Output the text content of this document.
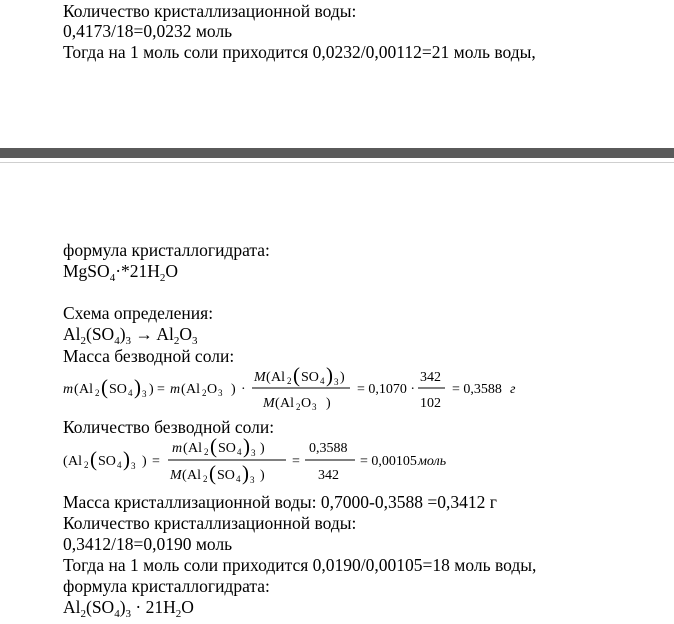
Количество кристаллизационной воды:
0,4173/18=0,0232 моль
Тогда на 1 моль соли приходится 0,0232/0,00112=21 моль воды,
формула кристаллогидрата:
$MgSO_4\cdot*21H_2O$
Схема определения:
$Al_2(SO_4)_3 \to Al_2O_3$
Масса безводной соли:
m ( Al 2 ( SO 4 ) 3 ) = m ( Al 2 O 3 ) ·
M ( Al 2 ( SO 4 ) 3 )
M ( Al 2 O 3 )
= 0,1070 ·
342
102
= 0,3588 г
Количество безводной соли:
( Al 2 ( SO 4 ) 3 ) =
m ( Al 2 ( SO 4 ) 3 )
M ( Al 2 ( SO 4 ) 3 )
=
0,3588
342
= 0,00105 моль
Масса кристаллизационной воды: 0,7000-0,3588 =0,3412 г
Количество кристаллизационной воды:
0,3412/18=0,0190 моль
Тогда на 1 моль соли приходится 0,0190/0,00105=18 моль воды,
формула кристаллогидрата:
$Al_2(SO_4)_3 \cdot 21H_2O$
